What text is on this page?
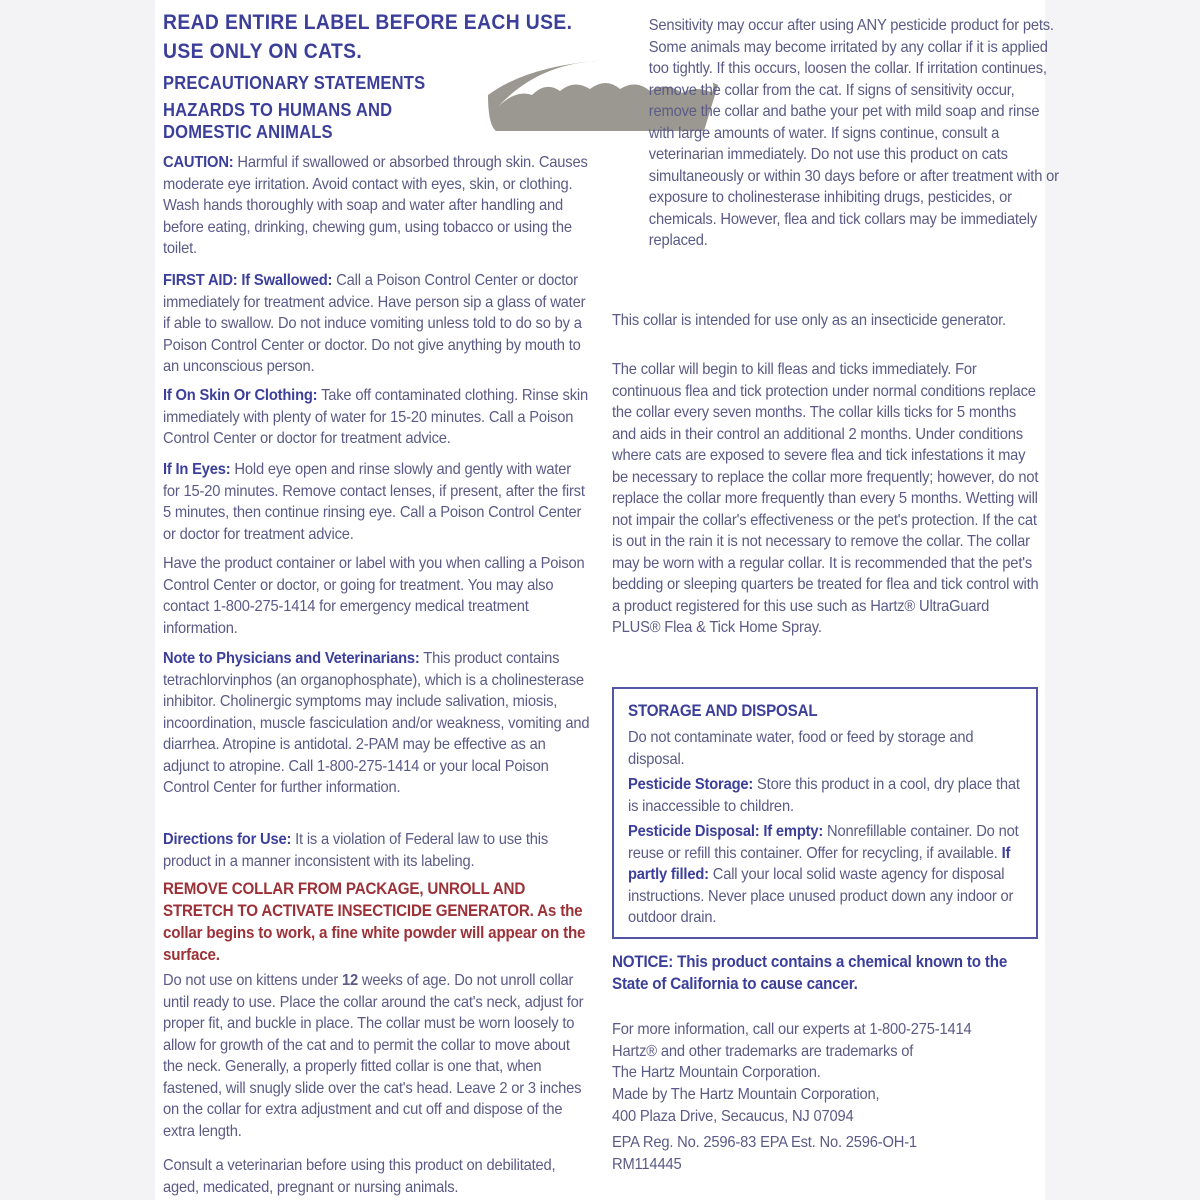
READ ENTIRE LABEL BEFORE EACH USE.
USE ONLY ON CATS.
PRECAUTIONARY STATEMENTS
HAZARDS TO HUMANS AND
DOMESTIC ANIMALS
CAUTION: Harmful if swallowed or absorbed through skin. Causes moderate eye irritation. Avoid contact with eyes, skin, or clothing. Wash hands thoroughly with soap and water after handling and before eating, drinking, chewing gum, using tobacco or using the toilet.
FIRST AID: If Swallowed: Call a Poison Control Center or doctor immediately for treatment advice. Have person sip a glass of water if able to swallow. Do not induce vomiting unless told to do so by a Poison Control Center or doctor. Do not give anything by mouth to an unconscious person.
If On Skin Or Clothing: Take off contaminated clothing. Rinse skin immediately with plenty of water for 15-20 minutes. Call a Poison Control Center or doctor for treatment advice.
If In Eyes: Hold eye open and rinse slowly and gently with water for 15-20 minutes. Remove contact lenses, if present, after the first 5 minutes, then continue rinsing eye. Call a Poison Control Center or doctor for treatment advice.
Have the product container or label with you when calling a Poison Control Center or doctor, or going for treatment. You may also contact 1-800-275-1414 for emergency medical treatment information.
Note to Physicians and Veterinarians: This product contains tetrachlorvinphos (an organophosphate), which is a cholinesterase inhibitor. Cholinergic symptoms may include salivation, miosis, incoordination, muscle fasciculation and/or weakness, vomiting and diarrhea. Atropine is antidotal. 2-PAM may be effective as an adjunct to atropine. Call 1-800-275-1414 or your local Poison Control Center for further information.
Directions for Use: It is a violation of Federal law to use this product in a manner inconsistent with its labeling.
REMOVE COLLAR FROM PACKAGE, UNROLL AND STRETCH TO ACTIVATE INSECTICIDE GENERATOR. As the collar begins to work, a fine white powder will appear on the surface.
Do not use on kittens under 12 weeks of age. Do not unroll collar until ready to use. Place the collar around the cat's neck, adjust for proper fit, and buckle in place. The collar must be worn loosely to allow for growth of the cat and to permit the collar to move about the neck. Generally, a properly fitted collar is one that, when fastened, will snugly slide over the cat's head. Leave 2 or 3 inches on the collar for extra adjustment and cut off and dispose of the extra length.
Consult a veterinarian before using this product on debilitated, aged, medicated, pregnant or nursing animals.
Sensitivity may occur after using ANY pesticide product for pets. Some animals may become irritated by any collar if it is applied too tightly. If this occurs, loosen the collar. If irritation continues, remove the collar from the cat. If signs of sensitivity occur, remove the collar and bathe your pet with mild soap and rinse with large amounts of water. If signs continue, consult a veterinarian immediately. Do not use this product on cats simultaneously or within 30 days before or after treatment with or exposure to cholinesterase inhibiting drugs, pesticides, or chemicals. However, flea and tick collars may be immediately replaced.
This collar is intended for use only as an insecticide generator.
The collar will begin to kill fleas and ticks immediately. For continuous flea and tick protection under normal conditions replace the collar every seven months. The collar kills ticks for 5 months and aids in their control an additional 2 months. Under conditions where cats are exposed to severe flea and tick infestations it may be necessary to replace the collar more frequently; however, do not replace the collar more frequently than every 5 months. Wetting will not impair the collar's effectiveness or the pet's protection. If the cat is out in the rain it is not necessary to remove the collar. The collar may be worn with a regular collar. It is recommended that the pet's bedding or sleeping quarters be treated for flea and tick control with a product registered for this use such as Hartz® UltraGuard PLUS® Flea & Tick Home Spray.
STORAGE AND DISPOSAL
Do not contaminate water, food or feed by storage and disposal.
Pesticide Storage: Store this product in a cool, dry place that is inaccessible to children.
Pesticide Disposal: If empty: Nonrefillable container. Do not reuse or refill this container. Offer for recycling, if available. If partly filled: Call your local solid waste agency for disposal instructions. Never place unused product down any indoor or outdoor drain.
NOTICE: This product contains a chemical known to the State of California to cause cancer.
For more information, call our experts at 1-800-275-1414
Hartz® and other trademarks are trademarks of
The Hartz Mountain Corporation.
Made by The Hartz Mountain Corporation,
400 Plaza Drive, Secaucus, NJ 07094
EPA Reg. No. 2596-83 EPA Est. No. 2596-OH-1
RM114445
